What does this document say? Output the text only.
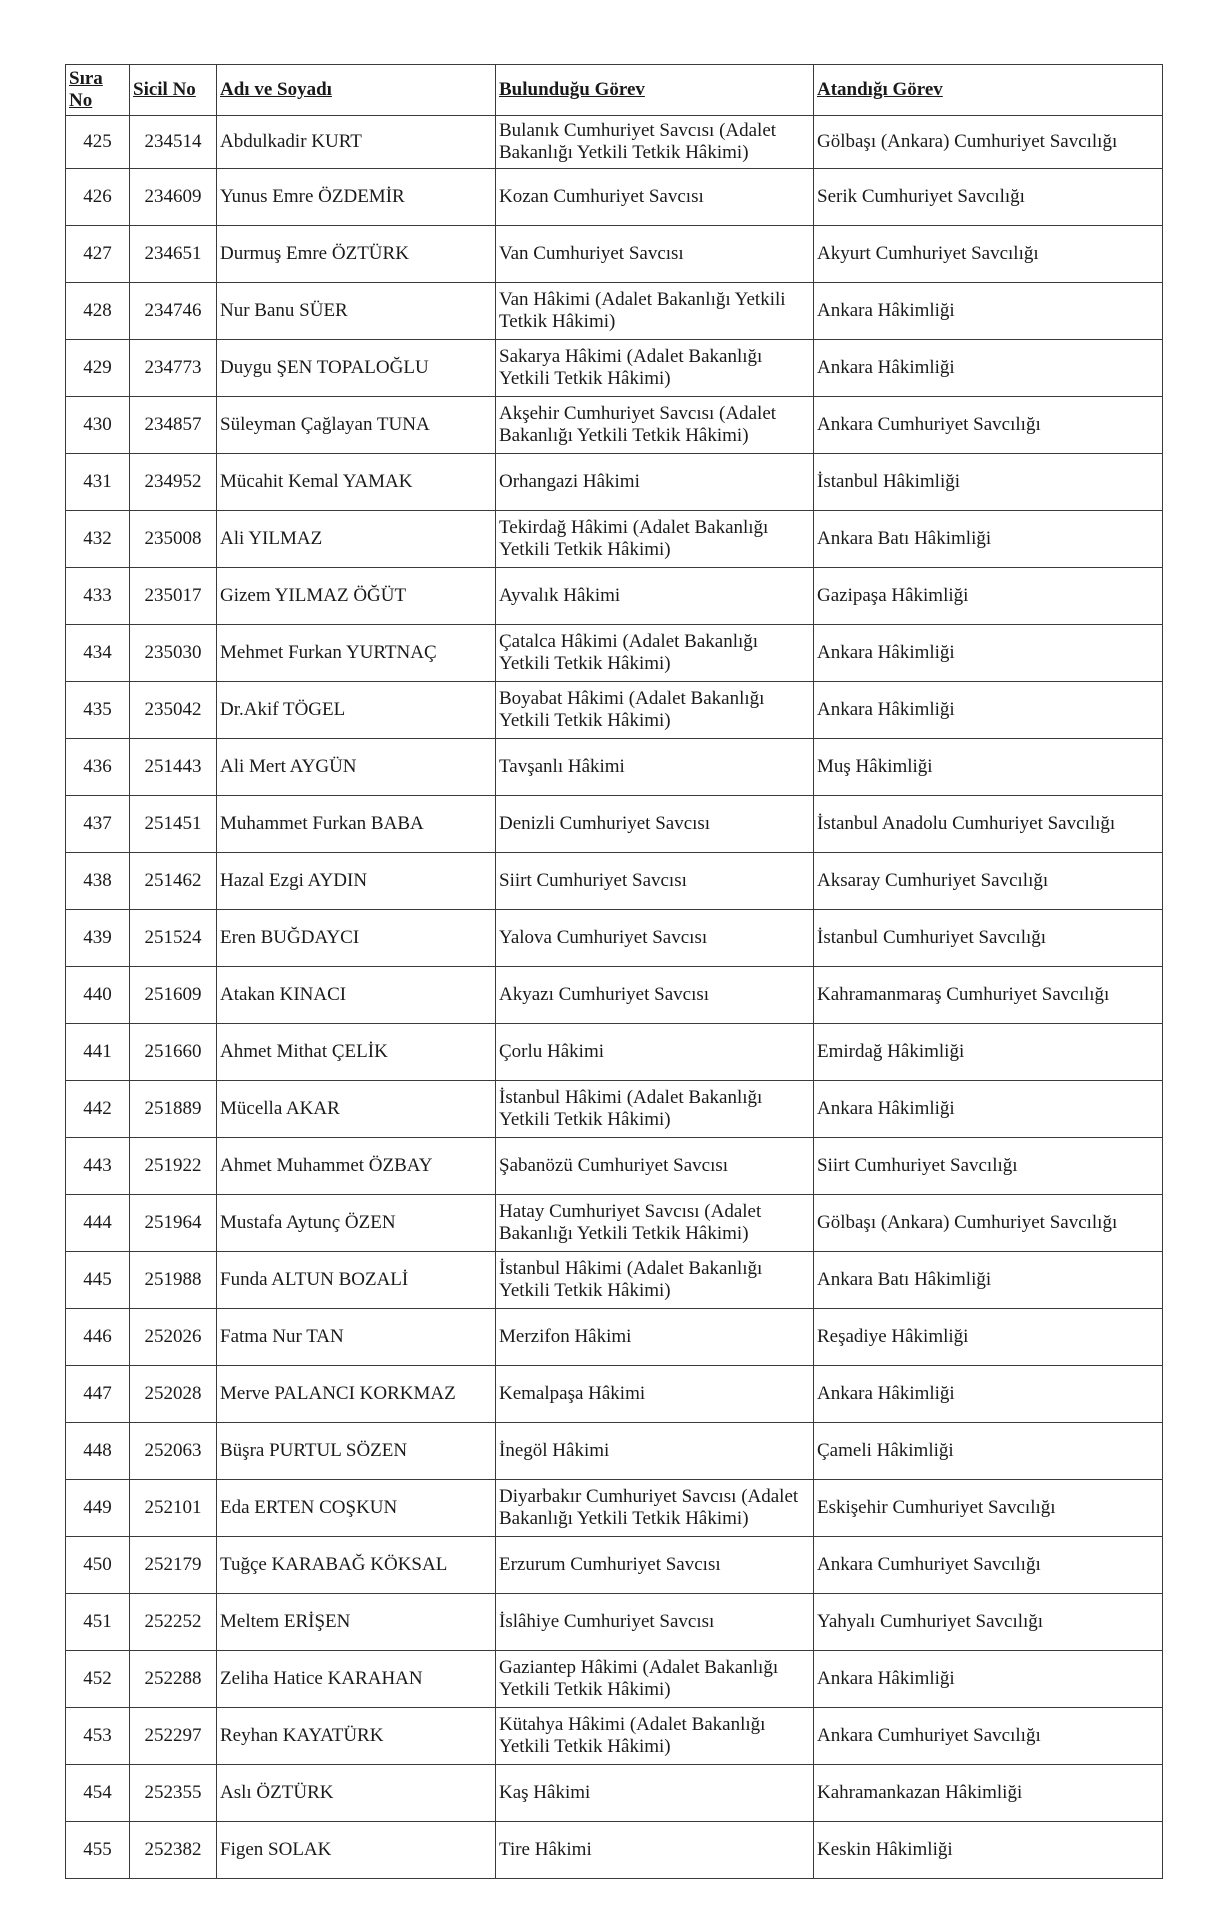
Sıra No	Sicil No	Adı ve Soyadı	Bulunduğu Görev	Atandığı Görev
425	234514	Abdulkadir KURT	Bulanık Cumhuriyet Savcısı (Adalet Bakanlığı Yetkili Tetkik Hâkimi)	Gölbaşı (Ankara) Cumhuriyet Savcılığı
426	234609	Yunus Emre ÖZDEMİR	Kozan Cumhuriyet Savcısı	Serik Cumhuriyet Savcılığı
427	234651	Durmuş Emre ÖZTÜRK	Van Cumhuriyet Savcısı	Akyurt Cumhuriyet Savcılığı
428	234746	Nur Banu SÜER	Van Hâkimi (Adalet Bakanlığı Yetkili Tetkik Hâkimi)	Ankara Hâkimliği
429	234773	Duygu ŞEN TOPALOĞLU	Sakarya Hâkimi (Adalet Bakanlığı Yetkili Tetkik Hâkimi)	Ankara Hâkimliği
430	234857	Süleyman Çağlayan TUNA	Akşehir Cumhuriyet Savcısı (Adalet Bakanlığı Yetkili Tetkik Hâkimi)	Ankara Cumhuriyet Savcılığı
431	234952	Mücahit Kemal YAMAK	Orhangazi Hâkimi	İstanbul Hâkimliği
432	235008	Ali YILMAZ	Tekirdağ Hâkimi (Adalet Bakanlığı Yetkili Tetkik Hâkimi)	Ankara Batı Hâkimliği
433	235017	Gizem YILMAZ ÖĞÜT	Ayvalık Hâkimi	Gazipaşa Hâkimliği
434	235030	Mehmet Furkan YURTNAÇ	Çatalca Hâkimi (Adalet Bakanlığı Yetkili Tetkik Hâkimi)	Ankara Hâkimliği
435	235042	Dr.Akif TÖGEL	Boyabat Hâkimi (Adalet Bakanlığı Yetkili Tetkik Hâkimi)	Ankara Hâkimliği
436	251443	Ali Mert AYGÜN	Tavşanlı Hâkimi	Muş Hâkimliği
437	251451	Muhammet Furkan BABA	Denizli Cumhuriyet Savcısı	İstanbul Anadolu Cumhuriyet Savcılığı
438	251462	Hazal Ezgi AYDIN	Siirt Cumhuriyet Savcısı	Aksaray Cumhuriyet Savcılığı
439	251524	Eren BUĞDAYCI	Yalova Cumhuriyet Savcısı	İstanbul Cumhuriyet Savcılığı
440	251609	Atakan KINACI	Akyazı Cumhuriyet Savcısı	Kahramanmaraş Cumhuriyet Savcılığı
441	251660	Ahmet Mithat ÇELİK	Çorlu Hâkimi	Emirdağ Hâkimliği
442	251889	Mücella AKAR	İstanbul Hâkimi (Adalet Bakanlığı Yetkili Tetkik Hâkimi)	Ankara Hâkimliği
443	251922	Ahmet Muhammet ÖZBAY	Şabanözü Cumhuriyet Savcısı	Siirt Cumhuriyet Savcılığı
444	251964	Mustafa Aytunç ÖZEN	Hatay Cumhuriyet Savcısı (Adalet Bakanlığı Yetkili Tetkik Hâkimi)	Gölbaşı (Ankara) Cumhuriyet Savcılığı
445	251988	Funda ALTUN BOZALİ	İstanbul Hâkimi (Adalet Bakanlığı Yetkili Tetkik Hâkimi)	Ankara Batı Hâkimliği
446	252026	Fatma Nur TAN	Merzifon Hâkimi	Reşadiye Hâkimliği
447	252028	Merve PALANCI KORKMAZ	Kemalpaşa Hâkimi	Ankara Hâkimliği
448	252063	Büşra PURTUL SÖZEN	İnegöl Hâkimi	Çameli Hâkimliği
449	252101	Eda ERTEN COŞKUN	Diyarbakır Cumhuriyet Savcısı (Adalet Bakanlığı Yetkili Tetkik Hâkimi)	Eskişehir Cumhuriyet Savcılığı
450	252179	Tuğçe KARABAĞ KÖKSAL	Erzurum Cumhuriyet Savcısı	Ankara Cumhuriyet Savcılığı
451	252252	Meltem ERİŞEN	İslâhiye Cumhuriyet Savcısı	Yahyalı Cumhuriyet Savcılığı
452	252288	Zeliha Hatice KARAHAN	Gaziantep Hâkimi (Adalet Bakanlığı Yetkili Tetkik Hâkimi)	Ankara Hâkimliği
453	252297	Reyhan KAYATÜRK	Kütahya Hâkimi (Adalet Bakanlığı Yetkili Tetkik Hâkimi)	Ankara Cumhuriyet Savcılığı
454	252355	Aslı ÖZTÜRK	Kaş Hâkimi	Kahramankazan Hâkimliği
455	252382	Figen SOLAK	Tire Hâkimi	Keskin Hâkimliği
